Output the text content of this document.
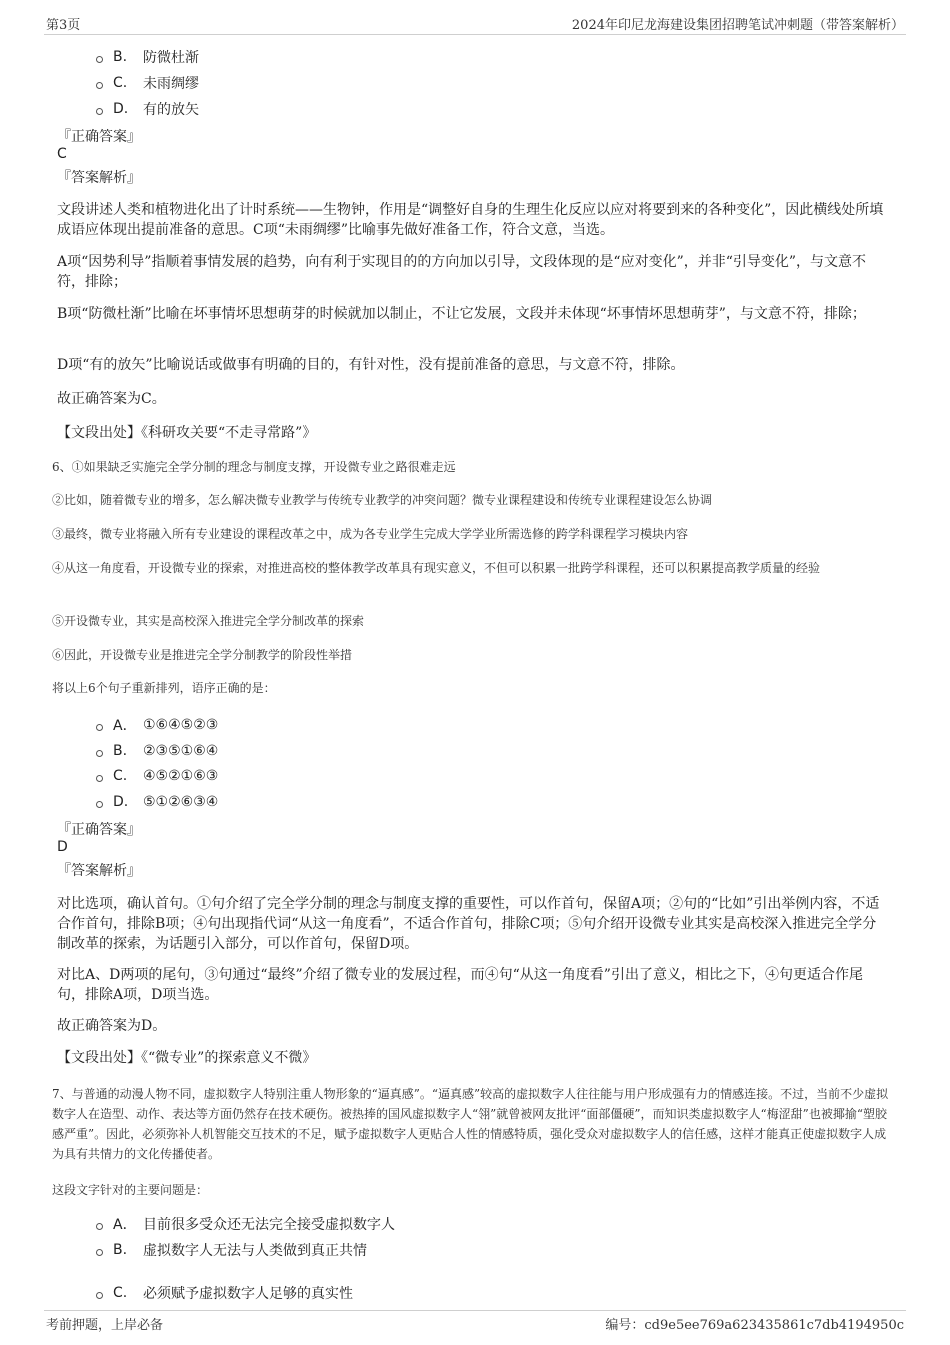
第3页	2024年印尼龙海建设集团招聘笔试冲刺题（带答案解析）
B.	防微杜渐
C.	未雨绸缪
D.	有的放矢
『正确答案』
C
『答案解析』
文段讲述人类和植物进化出了计时系统——生物钟，作用是“调整好自身的生理生化反应以应对将要到来的各种变化”，因此横线处所填成语应体现出提前准备的意思。C项“未雨绸缪”比喻事先做好准备工作，符合文意，当选。
A项“因势利导”指顺着事情发展的趋势，向有利于实现目的的方向加以引导，文段体现的是“应对变化”，并非“引导变化”，与文意不符，排除；
B项“防微杜渐”比喻在坏事情坏思想萌芽的时候就加以制止，不让它发展，文段并未体现“坏事情坏思想萌芽”，与文意不符，排除；
D项“有的放矢”比喻说话或做事有明确的目的，有针对性，没有提前准备的意思，与文意不符，排除。
故正确答案为C。
【文段出处】《科研攻关要“不走寻常路”》
6、①如果缺乏实施完全学分制的理念与制度支撑，开设微专业之路很难走远
②比如，随着微专业的增多，怎么解决微专业教学与传统专业教学的冲突问题？微专业课程建设和传统专业课程建设怎么协调
③最终，微专业将融入所有专业建设的课程改革之中，成为各专业学生完成大学学业所需选修的跨学科课程学习模块内容
④从这一角度看，开设微专业的探索，对推进高校的整体教学改革具有现实意义，不但可以积累一批跨学科课程，还可以积累提高教学质量的经验
⑤开设微专业，其实是高校深入推进完全学分制改革的探索
⑥因此，开设微专业是推进完全学分制教学的阶段性举措
将以上6个句子重新排列，语序正确的是：
A． ①⑥④⑤②③
B.	②③⑤①⑥④
C.	④⑤②①⑥③
D.	⑤①②⑥③④
『正确答案』
D
『答案解析』
对比选项，确认首句。①句介绍了完全学分制的理念与制度支撑的重要性，可以作首句，保留A项；②句的“比如”引出举例内容，不适合作首句，排除B项；④句出现指代词“从这一角度看”，不适合作首句，排除C项；⑤句介绍开设微专业其实是高校深入推进完全学分制改革的探索，为话题引入部分，可以作首句，保留D项。
对比A、D两项的尾句，③句通过“最终”介绍了微专业的发展过程，而④句“从这一角度看”引出了意义，相比之下，④句更适合作尾句，排除A项，D项当选。
故正确答案为D。
【文段出处】《“微专业”的探索意义不微》
7、与普通的动漫人物不同，虚拟数字人特别注重人物形象的“逼真感”。“逼真感”较高的虚拟数字人往往能与用户形成强有力的情感连接。不过，当前不少虚拟数字人在造型、动作、表达等方面仍然存在技术硬伤。被热捧的国风虚拟数字人“翎”就曾被网友批评“面部僵硬”，而知识类虚拟数字人“梅涩甜”也被揶揄“塑胶感严重”。因此，必须弥补人机智能交互技术的不足，赋予虚拟数字人更贴合人性的情感特质，强化受众对虚拟数字人的信任感，这样才能真正使虚拟数字人成为具有共情力的文化传播使者。
这段文字针对的主要问题是：
A． 目前很多受众还无法完全接受虚拟数字人
B.	虚拟数字人无法与人类做到真正共情
C.	必须赋予虚拟数字人足够的真实性
考前押题，上岸必备	编号：cd9e5ee769a623435861c7db4194950c
